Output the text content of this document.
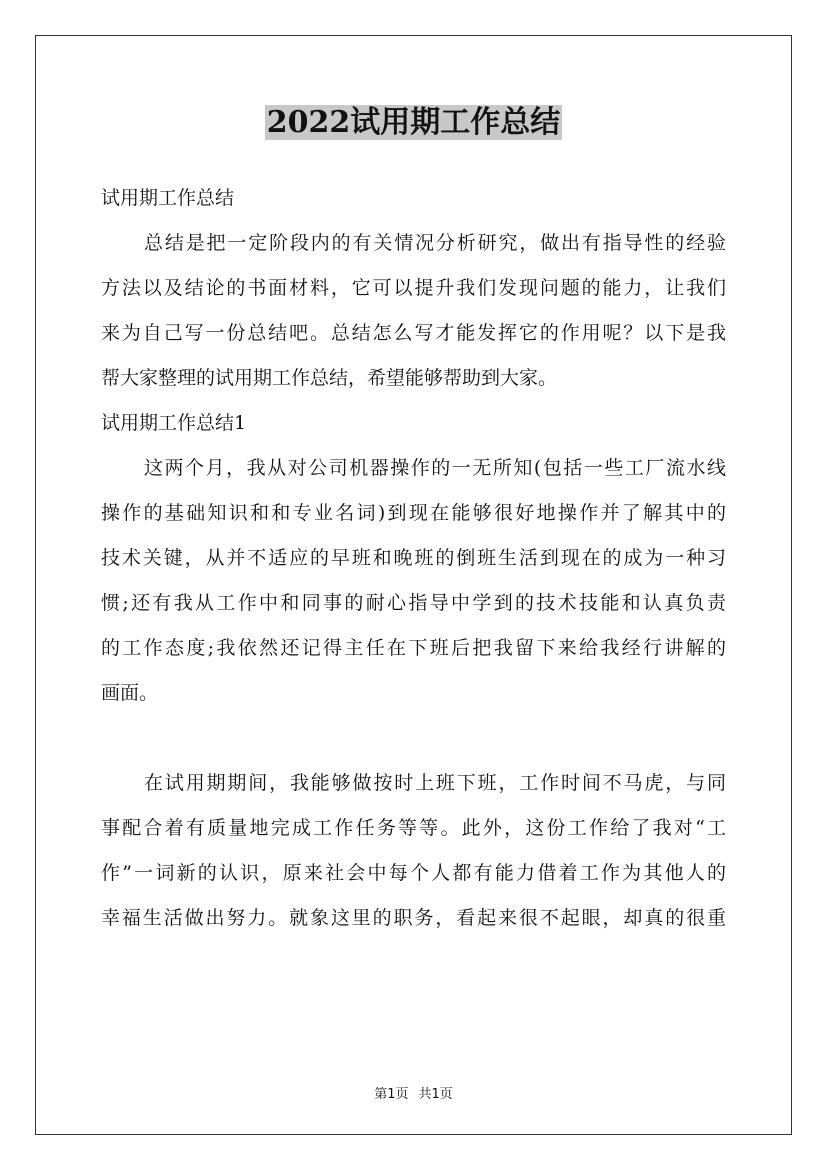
2022试用期工作总结
试用期工作总结
总结是把一定阶段内的有关情况分析研究，做出有指导性的经验
方法以及结论的书面材料，它可以提升我们发现问题的能力，让我们
来为自己写一份总结吧。总结怎么写才能发挥它的作用呢？以下是我
帮大家整理的试用期工作总结，希望能够帮助到大家。
试用期工作总结1
这两个月，我从对公司机器操作的一无所知(包括一些工厂流水线
操作的基础知识和和专业名词)到现在能够很好地操作并了解其中的
技术关键，从并不适应的早班和晚班的倒班生活到现在的成为一种习
惯;还有我从工作中和同事的耐心指导中学到的技术技能和认真负责
的工作态度;我依然还记得主任在下班后把我留下来给我经行讲解的
画面。
在试用期期间，我能够做按时上班下班，工作时间不马虎，与同
事配合着有质量地完成工作任务等等。此外，这份工作给了我对“工
作”一词新的认识，原来社会中每个人都有能力借着工作为其他人的
幸福生活做出努力。就象这里的职务，看起来很不起眼，却真的很重
第1页 共1页
